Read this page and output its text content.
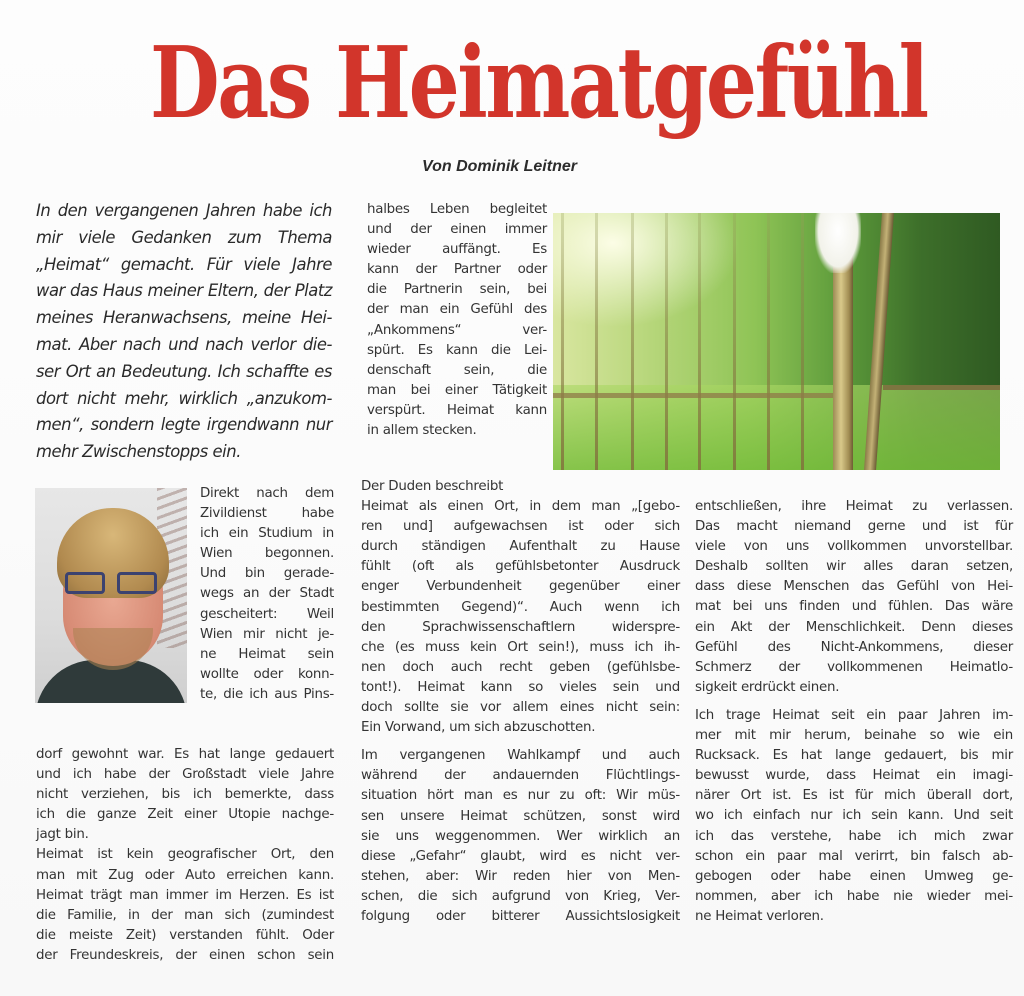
Das Heimatgefühl
Von Dominik Leitner
In den vergangenen Jahren habe ich
mir viele Gedanken zum Thema
„Heimat“ gemacht. Für viele Jahre
war das Haus meiner Eltern, der Platz
meines Heranwachsens, meine Hei-
mat. Aber nach und nach verlor die-
ser Ort an Bedeutung. Ich schaffte es
dort nicht mehr, wirklich „anzukom-
men“, sondern legte irgendwann nur
mehr Zwischenstopps ein.
halbes Leben begleitet
und der einen immer
wieder auffängt. Es
kann der Partner oder
die Partnerin sein, bei
der man ein Gefühl des
„Ankommens“ ver-
spürt. Es kann die Lei-
denschaft sein, die
man bei einer Tätigkeit
verspürt. Heimat kann
in allem stecken.
Direkt nach dem
Zivildienst habe
ich ein Studium in
Wien begonnen.
Und bin gerade-
wegs an der Stadt
gescheitert: Weil
Wien mir nicht je-
ne Heimat sein
wollte oder konn-
te, die ich aus Pins-
dorf gewohnt war. Es hat lange gedauert
und ich habe der Großstadt viele Jahre
nicht verziehen, bis ich bemerkte, dass
ich die ganze Zeit einer Utopie nachge-
jagt bin.
Heimat ist kein geografischer Ort, den
man mit Zug oder Auto erreichen kann.
Heimat trägt man immer im Herzen. Es ist
die Familie, in der man sich (zumindest
die meiste Zeit) verstanden fühlt. Oder
der Freundeskreis, der einen schon sein
Der Duden beschreibt
Heimat als einen Ort, in dem man „[gebo-
ren und] aufgewachsen ist oder sich
durch ständigen Aufenthalt zu Hause
fühlt (oft als gefühlsbetonter Ausdruck
enger Verbundenheit gegenüber einer
bestimmten Gegend)“. Auch wenn ich
den Sprachwissenschaftlern widerspre-
che (es muss kein Ort sein!), muss ich ih-
nen doch auch recht geben (gefühlsbe-
tont!). Heimat kann so vieles sein und
doch sollte sie vor allem eines nicht sein:
Ein Vorwand, um sich abzuschotten.
Im vergangenen Wahlkampf und auch
während der andauernden Flüchtlings-
situation hört man es nur zu oft: Wir müs-
sen unsere Heimat schützen, sonst wird
sie uns weggenommen. Wer wirklich an
diese „Gefahr“ glaubt, wird es nicht ver-
stehen, aber: Wir reden hier von Men-
schen, die sich aufgrund von Krieg, Ver-
folgung oder bitterer Aussichtslosigkeit
entschließen, ihre Heimat zu verlassen.
Das macht niemand gerne und ist für
viele von uns vollkommen unvorstellbar.
Deshalb sollten wir alles daran setzen,
dass diese Menschen das Gefühl von Hei-
mat bei uns finden und fühlen. Das wäre
ein Akt der Menschlichkeit. Denn dieses
Gefühl des Nicht-Ankommens, dieser
Schmerz der vollkommenen Heimatlo-
sigkeit erdrückt einen.
Ich trage Heimat seit ein paar Jahren im-
mer mit mir herum, beinahe so wie ein
Rucksack. Es hat lange gedauert, bis mir
bewusst wurde, dass Heimat ein imagi-
närer Ort ist. Es ist für mich überall dort,
wo ich einfach nur ich sein kann. Und seit
ich das verstehe, habe ich mich zwar
schon ein paar mal verirrt, bin falsch ab-
gebogen oder habe einen Umweg ge-
nommen, aber ich habe nie wieder mei-
ne Heimat verloren.
